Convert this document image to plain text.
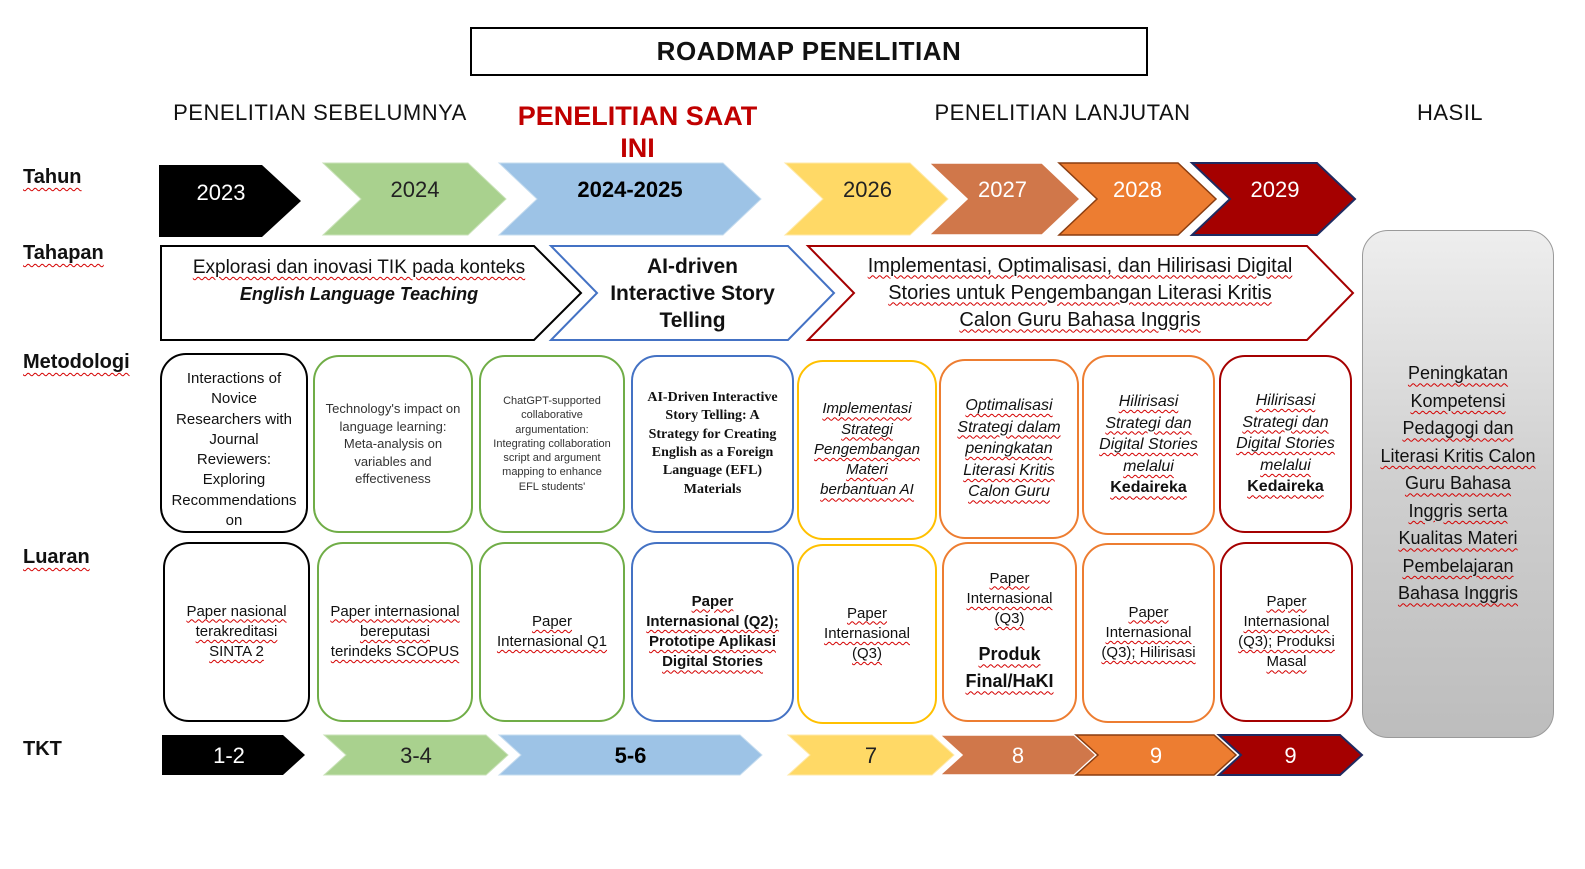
ROADMAP PENELITIAN
PENELITIAN SEBELUMNYA	PENELITIAN SAAT INI
PENELITIAN LANJUTAN	HASIL
Tahun
Tahapan
Metodologi
Luaran
TKT
2023	2024	2024-2025	2026	2027	2028	2029
Explorasi dan inovasi TIK pada konteks
English Language Teaching
AI-driven Interactive Story Telling
Implementasi, Optimalisasi, dan Hilirisasi Digital Stories untuk Pengembangan Literasi Kritis Calon Guru Bahasa Inggris
Interactions of Novice Researchers with Journal Reviewers: Exploring Recommendations on
Technology's impact on language learning: Meta-analysis on variables and effectiveness
ChatGPT-supported collaborative argumentation: Integrating collaboration script and argument mapping to enhance EFL students'
AI-Driven Interactive Story Telling: A Strategy for Creating English as a Foreign Language (EFL) Materials
Implementasi Strategi Pengembangan Materi berbantuan AI
Optimalisasi Strategi dalam peningkatan Literasi Kritis Calon Guru
Hilirisasi Strategi dan Digital Stories melalui
Kedaireka
Hilirisasi Strategi dan Digital Stories melalui
Kedaireka
Paper nasional terakreditasi SINTA 2
Paper internasional bereputasi terindeks SCOPUS
Paper Internasional Q1
Paper Internasional (Q2); Prototipe Aplikasi Digital Stories
Paper Internasional (Q3)
Paper Internasional (Q3)
Produk Final/HaKI
Paper Internasional (Q3); Hilirisasi
Paper Internasional (Q3); Produksi Masal
Peningkatan Kompetensi Pedagogi dan Literasi Kritis Calon Guru Bahasa Inggris serta Kualitas Materi Pembelajaran Bahasa Inggris
1-2	3-4	5-6	7	8	9	9
